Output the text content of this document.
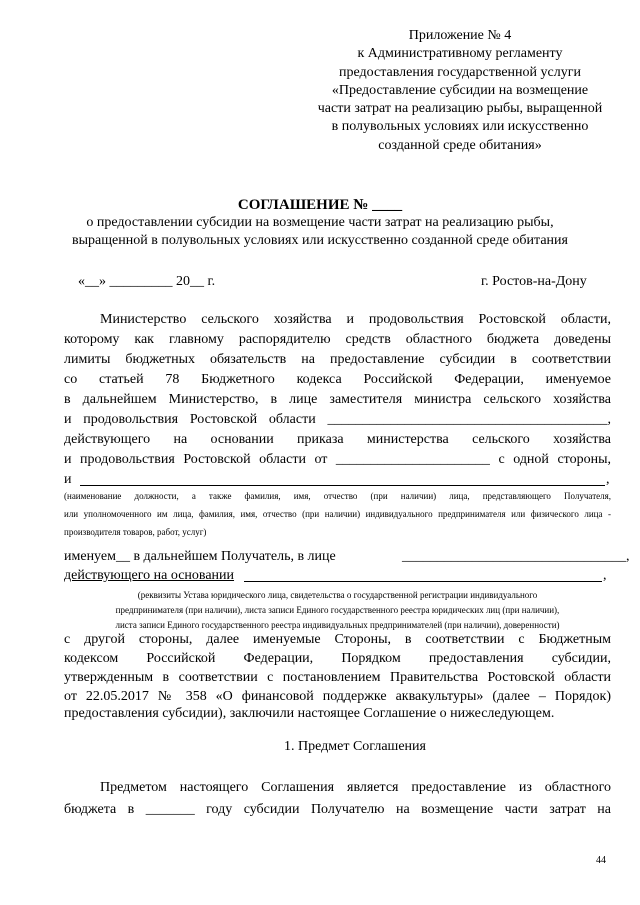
Приложение № 4
к Административному регламенту
предоставления государственной услуги
«Предоставление субсидии на возмещение
части затрат на реализацию рыбы, выращенной
в полувольных условиях или искусственно
созданной среде обитания»
СОГЛАШЕНИЕ № ____
о предоставлении субсидии на возмещение части затрат на реализацию рыбы,
выращенной в полувольных условиях или искусственно созданной среде обитания
«__» _________ 20__ г.	г. Ростов-на-Дону
Министерство сельского хозяйства и продовольствия Ростовской области,
которому как главному распорядителю средств областного бюджета доведены
лимиты бюджетных обязательств на предоставление субсидии в соответствии
со статьей 78 Бюджетного кодекса Российской Федерации, именуемое
в дальнейшем Министерство, в лице заместителя министра сельского хозяйства
и продовольствия Ростовской области ________________________________________,
действующего на основании приказа министерства сельского хозяйства
и продовольствия Ростовской области от ______________________ с одной стороны,
и	,
(наименование должности, а также фамилия, имя, отчество (при наличии) лица, представляющего Получателя,
или уполномоченного им лица, фамилия, имя, отчество (при наличии) индивидуального предпринимателя или физического лица -
производителя товаров, работ, услуг)
именуем__ в дальнейшем Получатель, в лице	________________________________,
действующего на основании	,
(реквизиты Устава юридического лица, свидетельства о государственной регистрации индивидуального
предпринимателя (при наличии), листа записи Единого государственного реестра юридических лиц (при наличии),
листа записи Единого государственного реестра индивидуальных предпринимателей (при наличии), доверенности)
с другой стороны, далее именуемые Стороны, в соответствии с Бюджетным
кодексом Российской Федерации, Порядком предоставления субсидии,
утвержденным в соответствии с постановлением Правительства Ростовской области
от 22.05.2017 № 358 «О финансовой поддержке аквакультуры» (далее – Порядок)
предоставления субсидии), заключили настоящее Соглашение о нижеследующем.
1. Предмет Соглашения
Предметом настоящего Соглашения является предоставление из областного
бюджета в _______ году субсидии Получателю на возмещение части затрат на
44
